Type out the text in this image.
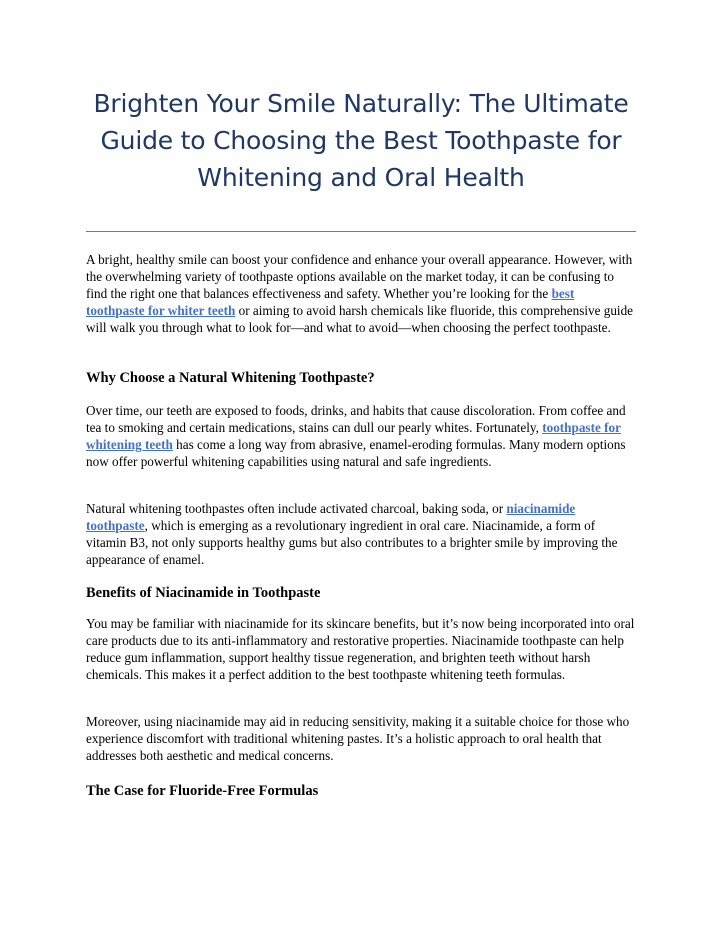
Brighten Your Smile Naturally: The Ultimate Guide to Choosing the Best Toothpaste for Whitening and Oral Health

A bright, healthy smile can boost your confidence and enhance your overall appearance. However, with the overwhelming variety of toothpaste options available on the market today, it can be confusing to find the right one that balances effectiveness and safety. Whether you’re looking for the best toothpaste for whiter teeth or aiming to avoid harsh chemicals like fluoride, this comprehensive guide will walk you through what to look for—and what to avoid—when choosing the perfect toothpaste.

Why Choose a Natural Whitening Toothpaste?

Over time, our teeth are exposed to foods, drinks, and habits that cause discoloration. From coffee and tea to smoking and certain medications, stains can dull our pearly whites. Fortunately, toothpaste for whitening teeth has come a long way from abrasive, enamel-eroding formulas. Many modern options now offer powerful whitening capabilities using natural and safe ingredients.

Natural whitening toothpastes often include activated charcoal, baking soda, or niacinamide toothpaste, which is emerging as a revolutionary ingredient in oral care. Niacinamide, a form of vitamin B3, not only supports healthy gums but also contributes to a brighter smile by improving the appearance of enamel.

Benefits of Niacinamide in Toothpaste

You may be familiar with niacinamide for its skincare benefits, but it’s now being incorporated into oral care products due to its anti-inflammatory and restorative properties. Niacinamide toothpaste can help reduce gum inflammation, support healthy tissue regeneration, and brighten teeth without harsh chemicals. This makes it a perfect addition to the best toothpaste whitening teeth formulas.

Moreover, using niacinamide may aid in reducing sensitivity, making it a suitable choice for those who experience discomfort with traditional whitening pastes. It’s a holistic approach to oral health that addresses both aesthetic and medical concerns.

The Case for Fluoride-Free Formulas
